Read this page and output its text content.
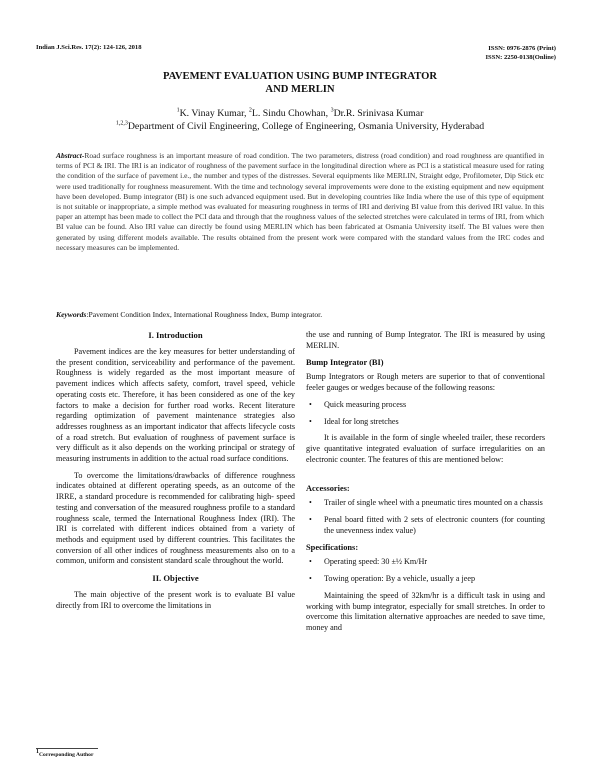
Indian J.Sci.Res. 17(2): 124-126, 2018	ISSN: 0976-2876 (Print)
ISSN: 2250-0138(Online)
PAVEMENT EVALUATION USING BUMP INTEGRATOR
AND MERLIN
$^1$K. Vinay Kumar, $^2$L. Sindu Chowhan, $^3$Dr.R. Srinivasa Kumar
$^{1,2,3}$Department of Civil Engineering, College of Engineering, Osmania University, Hyderabad
Abstract-Road surface roughness is an important measure of road condition. The two parameters, distress (road condition) and road roughness are quantified in terms of PCI & IRI. The IRI is an indicator of roughness of the pavement surface in the longitudinal direction where as PCI is a statistical measure used for rating the condition of the surface of pavement i.e., the number and types of the distresses. Several equipments like MERLIN, Straight edge, Profilometer, Dip Stick etc were used traditionally for roughness measurement. With the time and technology several improvements were done to the existing equipment and new equipment have been developed. Bump integrator (BI) is one such advanced equipment used. But in developing countries like India where the use of this type of equipment is not suitable or inappropriate, a simple method was evaluated for measuring roughness in terms of IRI and deriving BI value from this derived IRI value. In this paper an attempt has been made to collect the PCI data and through that the roughness values of the selected stretches were calculated in terms of IRI, from which BI value can be found. Also IRI value can directly be found using MERLIN which has been fabricated at Osmania University itself. The BI values were then generated by using different models available. The results obtained from the present work were compared with the standard values from the IRC codes and necessary measures can be implemented.
Keywords:Pavement Condition Index, International Roughness Index, Bump integrator.
I. Introduction

Pavement indices are the key measures for better understanding of the present condition, serviceability and performance of the pavement. Roughness is widely regarded as the most important measure of pavement indices which affects safety, comfort, travel speed, vehicle operating costs etc. Therefore, it has been considered as one of the key factors to make a decision for further road works. Recent literature regarding optimization of pavement maintenance strategies also addresses roughness as an important indicator that affects lifecycle costs of a road stretch. But evaluation of roughness of pavement surface is very difficult as it also depends on the working principal or strategy of measuring instruments in addition to the actual road surface conditions.

To overcome the limitations/drawbacks of difference roughness indicates obtained at different operating speeds, as an outcome of the IRRE, a standard procedure is recommended for calibrating high- speed testing and conversation of the measured roughness profile to a standard roughness scale, termed the International Roughness Index (IRI). The IRI is correlated with different indices obtained from a variety of methods and equipment used by different countries. This facilitates the conversion of all other indices of roughness measurements also on to a common, uniform and consistent standard scale throughout the world.

II. Objective

The main objective of the present work is to evaluate BI value directly from IRI to overcome the limitations in

the use and running of Bump Integrator. The IRI is measured by using MERLIN.

Bump Integrator (BI)

Bump Integrators or Rough meters are superior to that of conventional feeler gauges or wedges because of the following reasons:

• Quick measuring process
• Ideal for long stretches

It is available in the form of single wheeled trailer, these recorders give quantitative integrated evaluation of surface irregularities on an electronic counter. The features of this are mentioned below:

Accessories:
• Trailer of single wheel with a pneumatic tires mounted on a chassis
• Penal board fitted with 2 sets of electronic counters (for counting the unevenness index value)
Specifications:
• Operating speed: 30 ±½ Km/Hr
• Towing operation: By a vehicle, usually a jeep

Maintaining the speed of 32km/hr is a difficult task in using and working with bump integrator, especially for small stretches. In order to overcome this limitation alternative approaches are needed to save time, money and

$^1$Corresponding Author
